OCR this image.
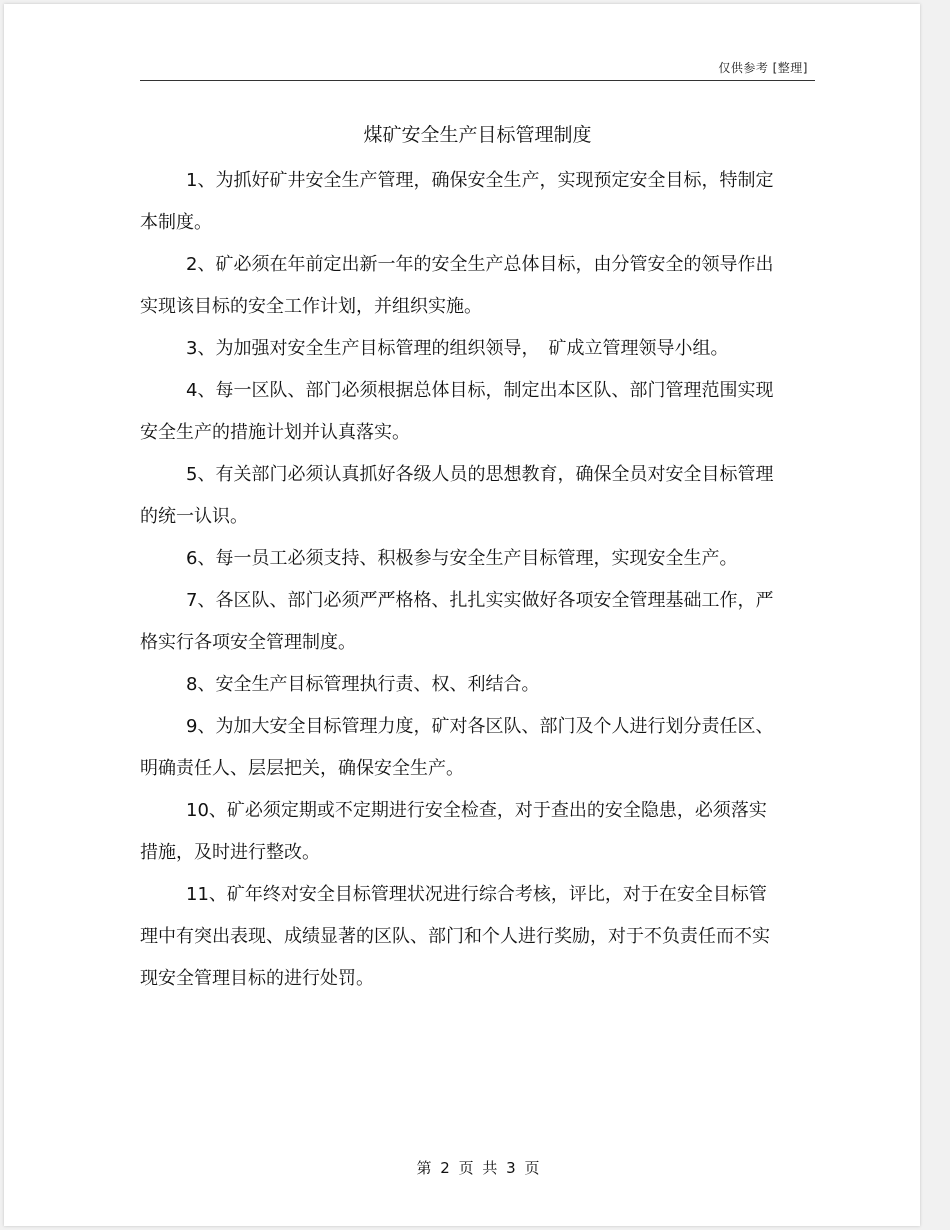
仅供参考 [整理]
煤矿安全生产目标管理制度

1、为抓好矿井安全生产管理，确保安全生产，实现预定安全目标，特制定本制度。

2、矿必须在年前定出新一年的安全生产总体目标，由分管安全的领导作出实现该目标的安全工作计划，并组织实施。

3、为加强对安全生产目标管理的组织领导，　矿成立管理领导小组。

4、每一区队、部门必须根据总体目标，制定出本区队、部门管理范围实现安全生产的措施计划并认真落实。

5、有关部门必须认真抓好各级人员的思想教育，确保全员对安全目标管理的统一认识。

6、每一员工必须支持、积极参与安全生产目标管理，实现安全生产。

7、各区队、部门必须严严格格、扎扎实实做好各项安全管理基础工作，严格实行各项安全管理制度。

8、安全生产目标管理执行责、权、利结合。

9、为加大安全目标管理力度，矿对各区队、部门及个人进行划分责任区、明确责任人、层层把关，确保安全生产。

10、矿必须定期或不定期进行安全检查，对于查出的安全隐患，必须落实措施，及时进行整改。

11、矿年终对安全目标管理状况进行综合考核，评比，对于在安全目标管理中有突出表现、成绩显著的区队、部门和个人进行奖励，对于不负责任而不实现安全管理目标的进行处罚。

第 2 页 共 3 页
